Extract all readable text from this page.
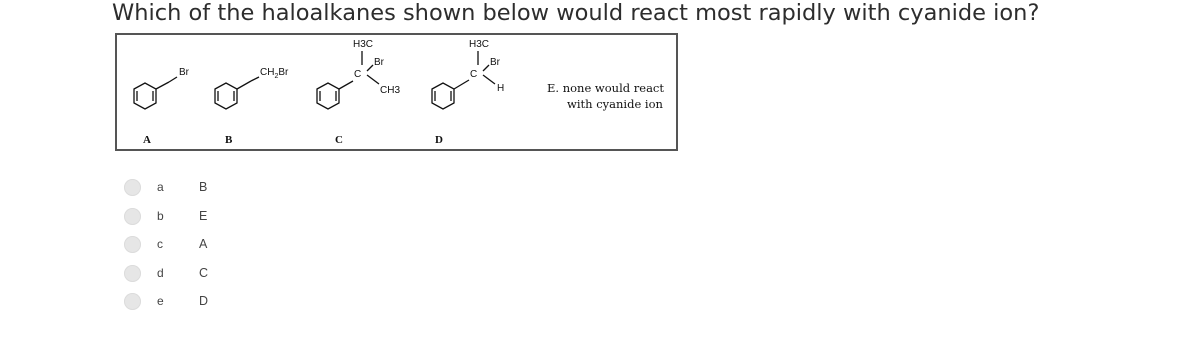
Which of the haloalkanes shown below would react most rapidly with cyanide ion?
Br	$CH_2Br$
H3C
Br
C
CH3
H3C
Br
C
H	E. none would react
with cyanide ion
A	B	C	D
a	B
b	E
c	A
d	C
e	D
